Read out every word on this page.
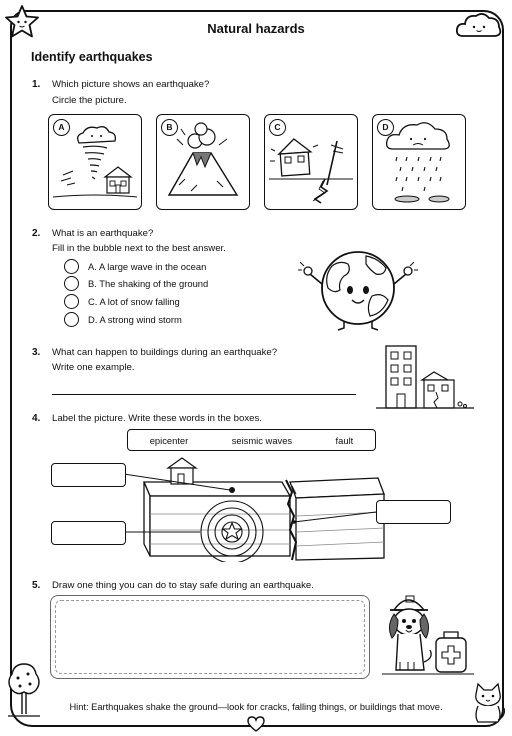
Natural hazards
Identify earthquakes
1. Which picture shows an earthquake?
Circle the picture.
A	B	C	D
2. What is an earthquake?
Fill in the bubble next to the best answer.
A. A large wave in the ocean
B. The shaking of the ground
C. A lot of snow falling
D. A strong wind storm
3. What can happen to buildings during an earthquake?
Write one example.
4. Label the picture. Write these words in the boxes.
epicenter	seismic waves	fault
5. Draw one thing you can do to stay safe during an earthquake.
Hint: Earthquakes shake the ground—look for cracks, falling things, or buildings that move.
